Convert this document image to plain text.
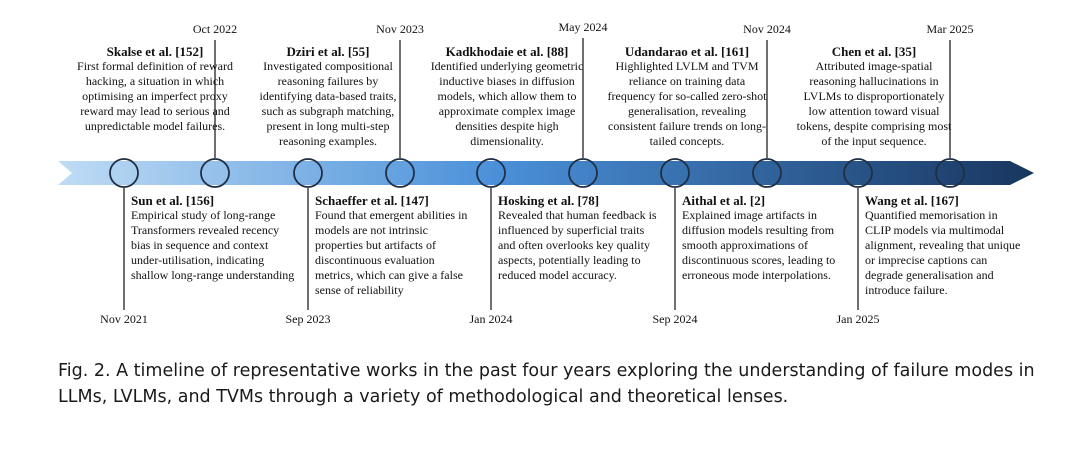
Oct 2022	Nov 2023	May 2024	Nov 2024	Mar 2025
Nov 2021	Sep 2023	Jan 2024	Sep 2024	Jan 2025
Skalse et al. [152]
First formal definition of reward hacking, a situation in which optimising an imperfect proxy reward may lead to serious and unpredictable model failures.
Dziri et al. [55]
Investigated compositional reasoning failures by identifying data-based traits, such as subgraph matching, present in long multi-step reasoning examples.
Kadkhodaie et al. [88]
Identified underlying geometric inductive biases in diffusion models, which allow them to approximate complex image densities despite high dimensionality.
Udandarao et al. [161]
Highlighted LVLM and TVM reliance on training data frequency for so-called zero-shot generalisation, revealing consistent failure trends on long-tailed concepts.
Chen et al. [35]
Attributed image-spatial reasoning hallucinations in LVLMs to disproportionately low attention toward visual tokens, despite comprising most of the input sequence.
Sun et al. [156]
Empirical study of long-range Transformers revealed recency bias in sequence and context under-utilisation, indicating shallow long-range understanding
Schaeffer et al. [147]
Found that emergent abilities in models are not intrinsic properties but artifacts of discontinuous evaluation metrics, which can give a false sense of reliability
Hosking et al. [78]
Revealed that human feedback is influenced by superficial traits and often overlooks key quality aspects, potentially leading to reduced model accuracy.
Aithal et al. [2]
Explained image artifacts in diffusion models resulting from smooth approximations of discontinuous scores, leading to erroneous mode interpolations.
Wang et al. [167]
Quantified memorisation in CLIP models via multimodal alignment, revealing that unique or imprecise captions can degrade generalisation and introduce failure.
Fig. 2. A timeline of representative works in the past four years exploring the understanding of failure modes in LLMs, LVLMs, and TVMs through a variety of methodological and theoretical lenses.
